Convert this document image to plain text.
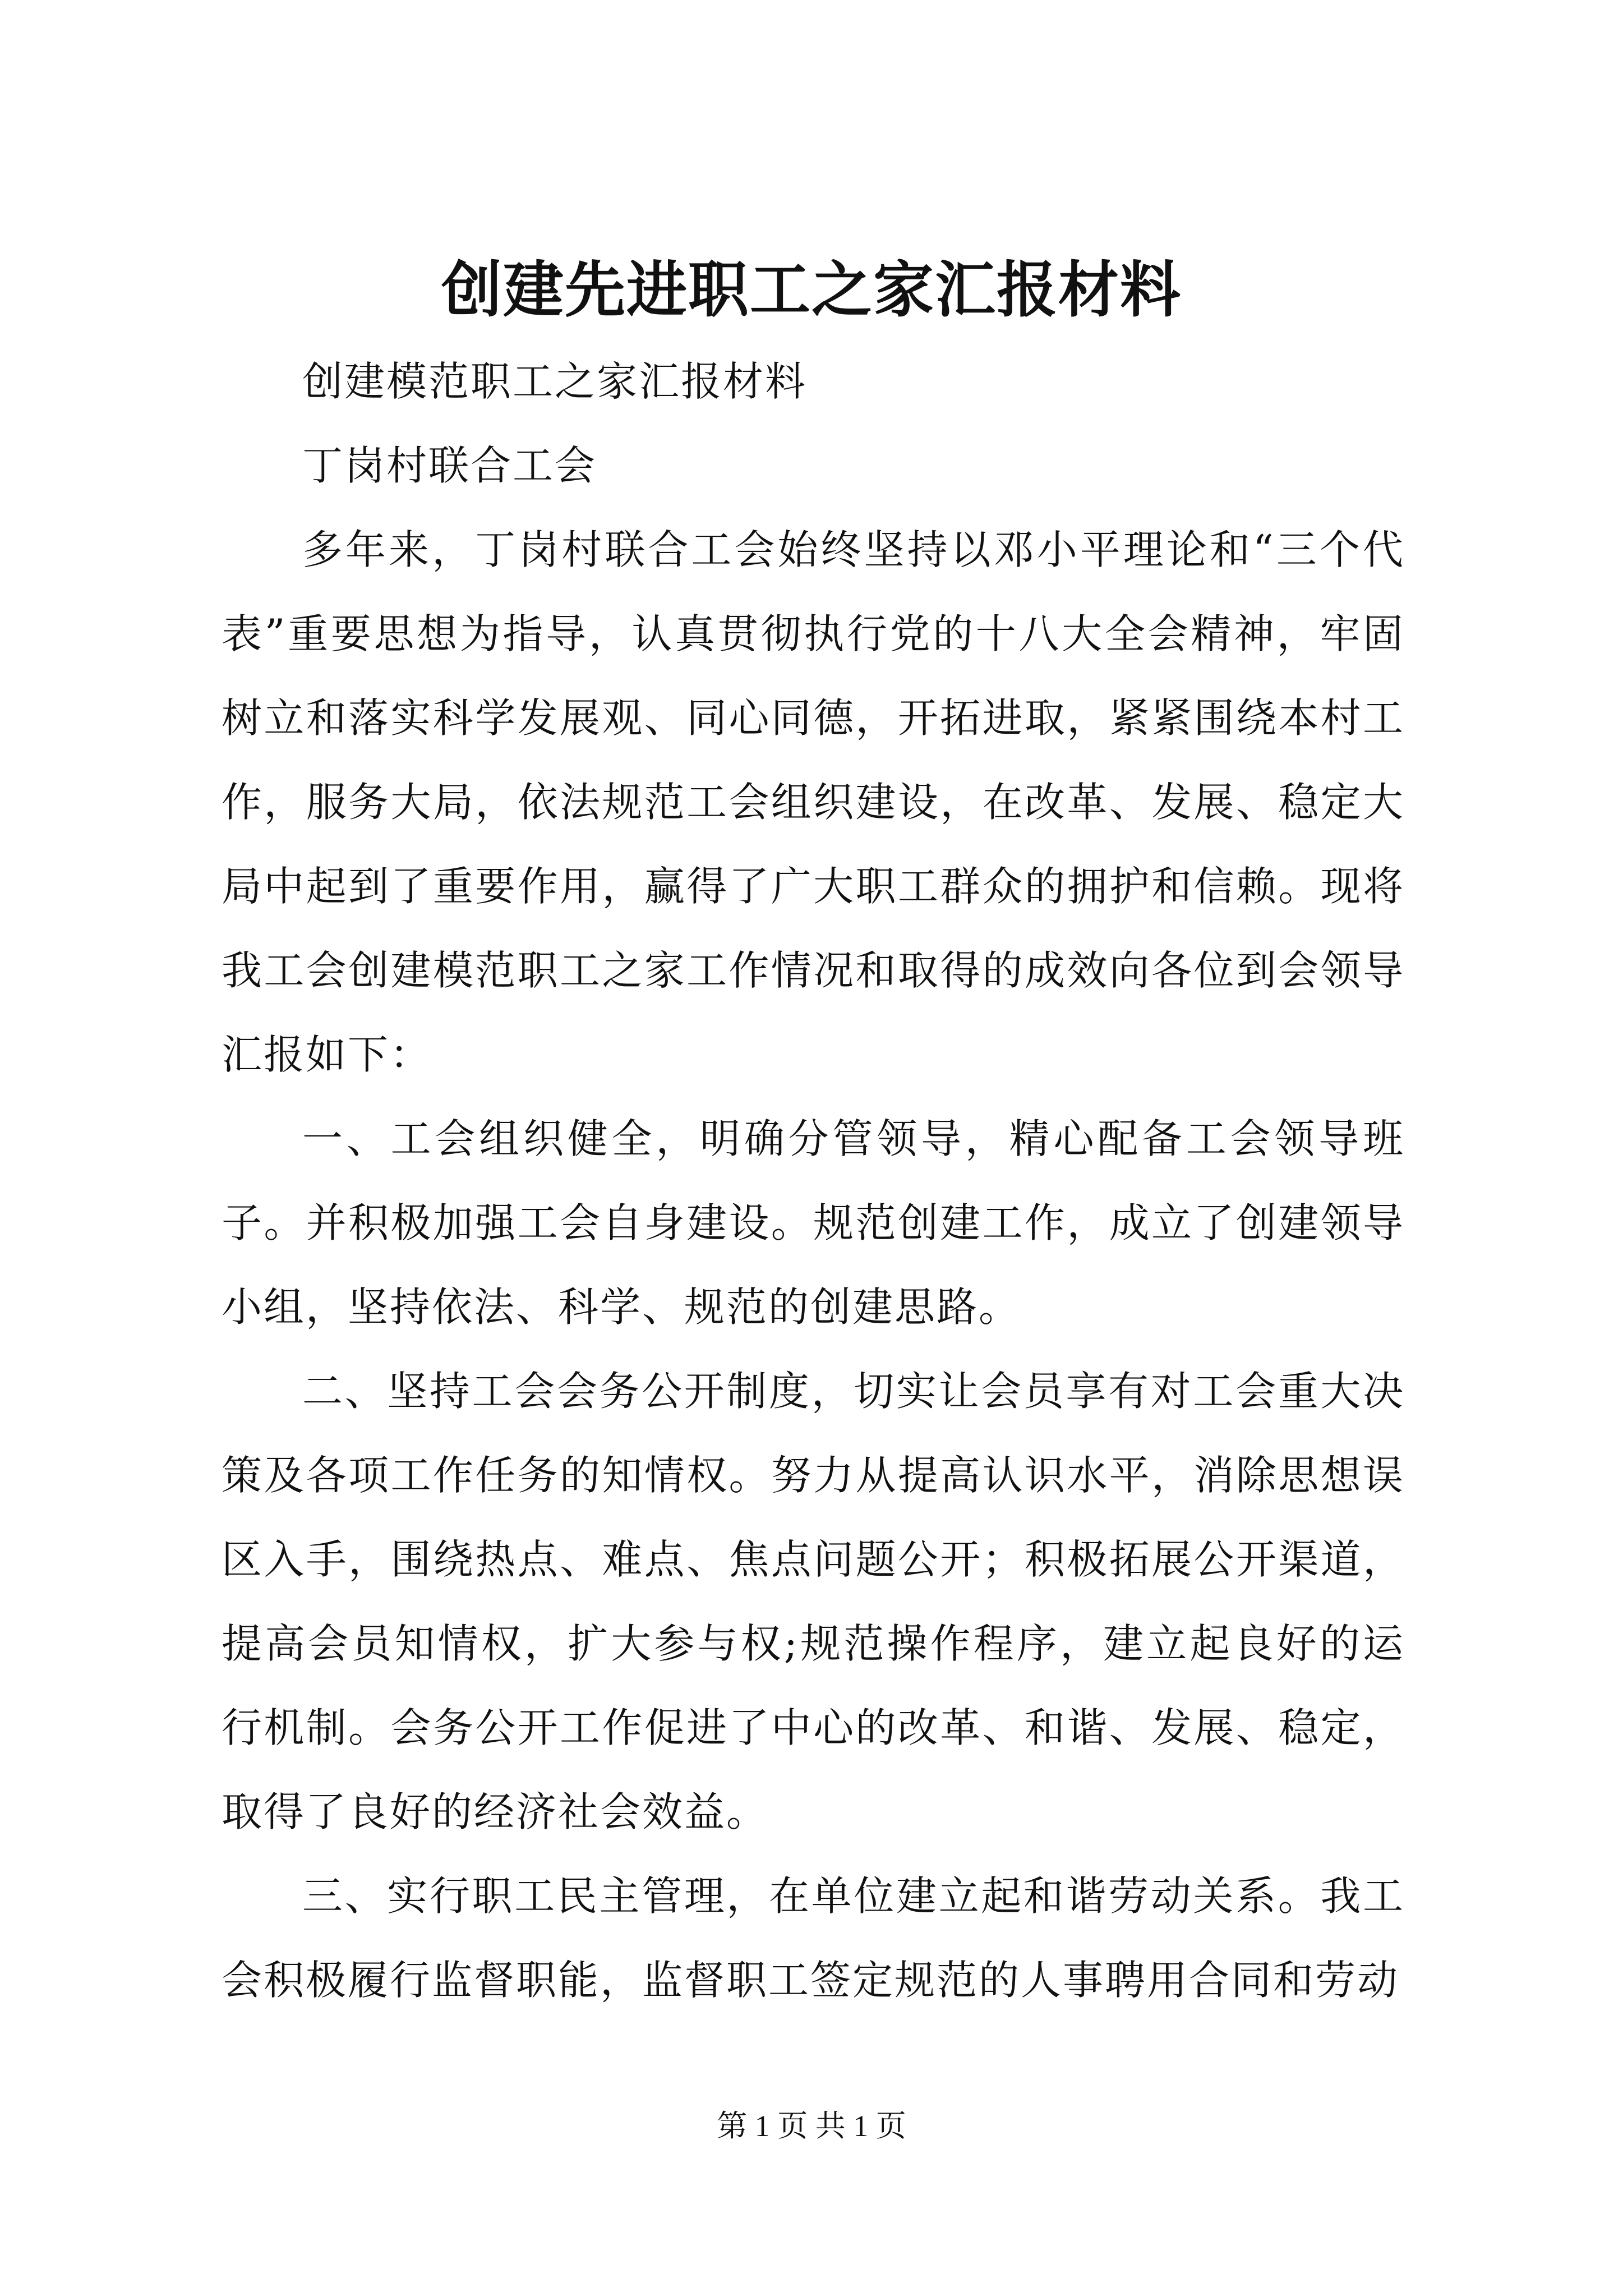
创建先进职工之家汇报材料

创建模范职工之家汇报材料

丁岗村联合工会

多年来，丁岗村联合工会始终坚持以邓小平理论和“三个代表”重要思想为指导，认真贯彻执行党的十八大全会精神，牢固树立和落实科学发展观、同心同德，开拓进取，紧紧围绕本村工作，服务大局，依法规范工会组织建设，在改革、发展、稳定大局中起到了重要作用，赢得了广大职工群众的拥护和信赖。现将我工会创建模范职工之家工作情况和取得的成效向各位到会领导汇报如下：

一、工会组织健全，明确分管领导，精心配备工会领导班子。并积极加强工会自身建设。规范创建工作，成立了创建领导小组，坚持依法、科学、规范的创建思路。

二、坚持工会会务公开制度，切实让会员享有对工会重大决策及各项工作任务的知情权。努力从提高认识水平，消除思想误区入手，围绕热点、难点、焦点问题公开；积极拓展公开渠道，提高会员知情权，扩大参与权;规范操作程序，建立起良好的运行机制。会务公开工作促进了中心的改革、和谐、发展、稳定，取得了良好的经济社会效益。

三、实行职工民主管理，在单位建立起和谐劳动关系。我工会积极履行监督职能，监督职工签定规范的人事聘用合同和劳动

第 1 页 共 1 页
